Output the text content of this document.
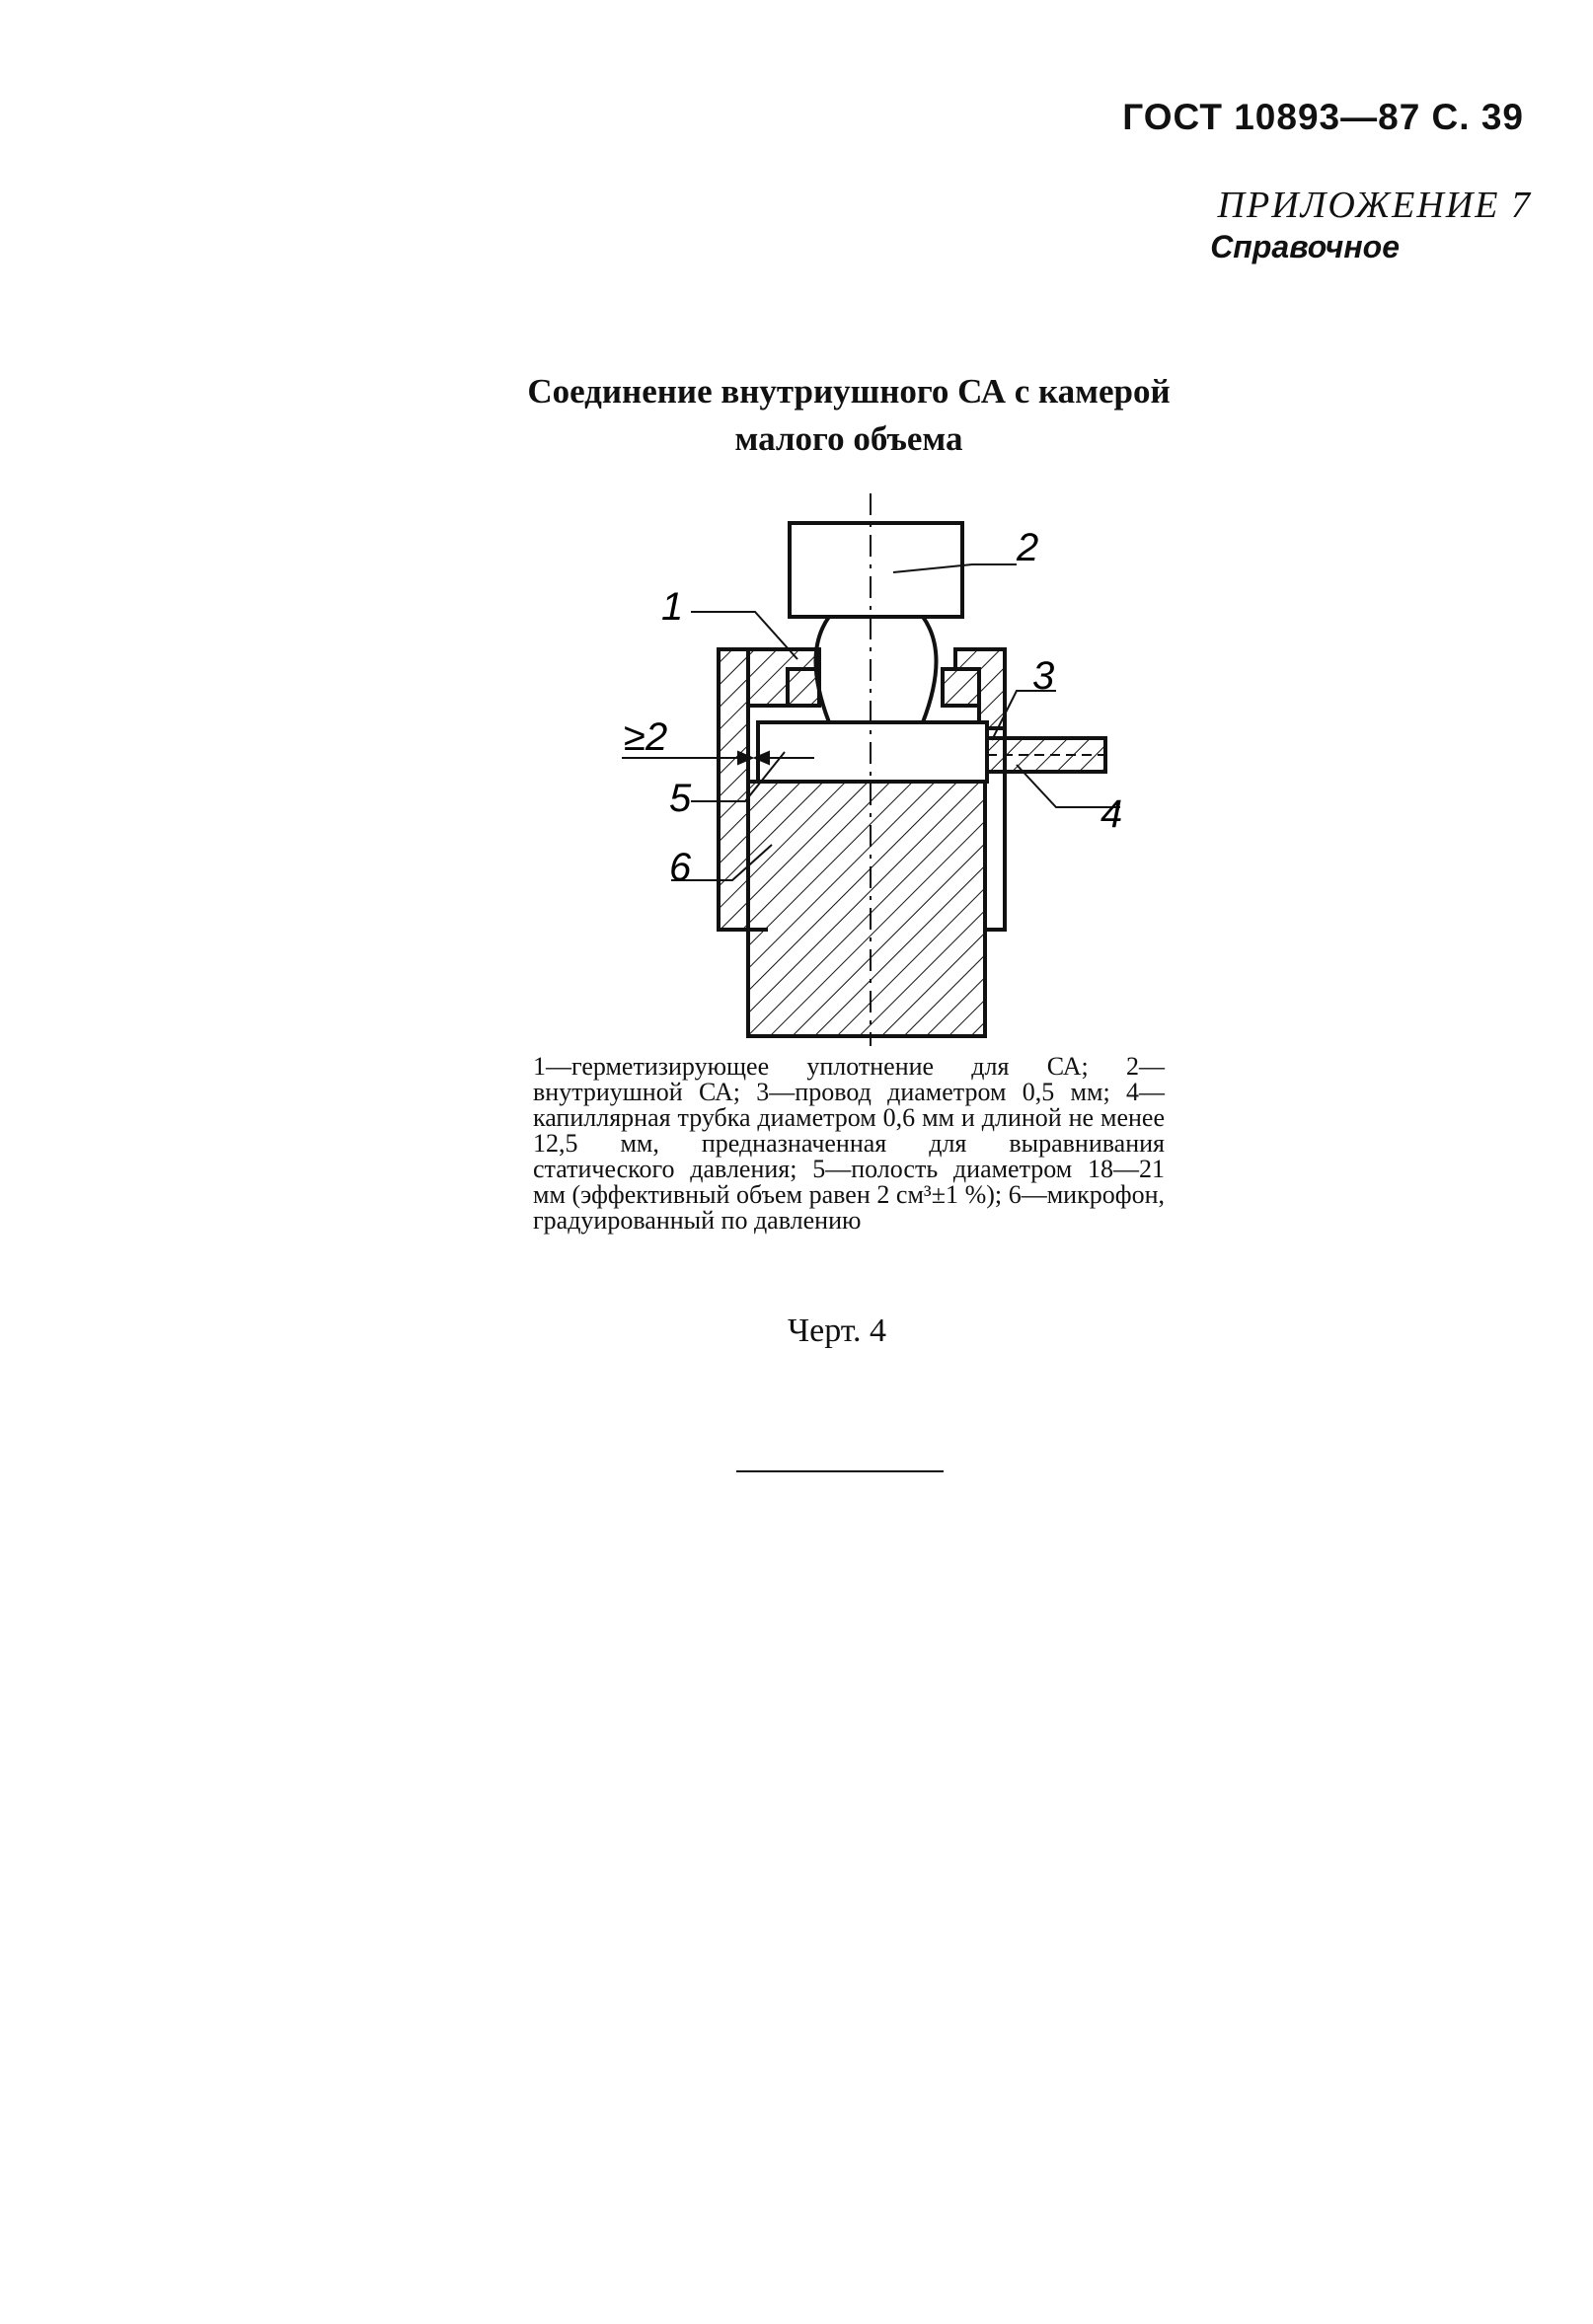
ГОСТ 10893—87 С. 39
ПРИЛОЖЕНИЕ 7
Справочное
Соединение внутриушного СА с камерой
малого объема
1
2
3
4
5
6
≥2
1—герметизирующее уплотнение для СА; 2—внутриушной СА; 3—провод диаметром 0,5 мм; 4—капиллярная трубка диаметром 0,6 мм и длиной не менее 12,5 мм, предназначенная для выравнивания статического давления; 5—полость диаметром 18—21 мм (эффективный объем равен 2 см³±1 %); 6—микрофон, градуированный по давлению
Черт. 4
